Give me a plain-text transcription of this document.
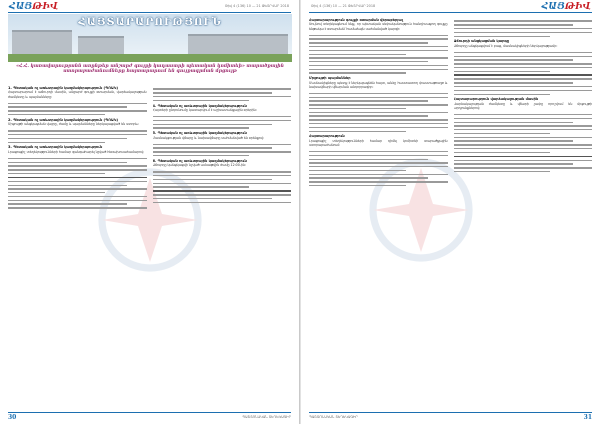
ՀԱՅԹԻՎ	Թիվ 4 (136) 10 — 21 ՓԵՏՐՎԱՐ 2018
ՀԱՅՏԱՐԱՐՈՒԹՅՈՒՆ
«Հ.Հ. կառավարությանն առընթեր անշարժ գույքի կադաստրի պետական կոմիտեի» տարածքային ստորաբաժանումները հայտարարում են գույքագրման մրցույթ
1. Պետական ոչ առևտրային կազմակերպություն (ՊՈԱԿ)

Հայտարարում է աճուրդի մասին, անշարժ գույքի օտարման, վարձակալության ժամկետը և պայմանները։

2. Պետական ոչ առևտրային կազմակերպություն (ՊՈԱԿ)

Մրցույթի անցկացման վայրը, ժամը և պայմանները ներկայացված են ստորև։

3. Պետական ոչ առևտրային կազմակերպություն

Լրացուցիչ տեղեկությունների համար զանգահարել նշված հեռախոսահամարով։

4. Պետական ոչ առևտրային կազմակերպություն

Հայտերի ընդունումը կատարվում է աշխատանքային օրերին։

5. Պետական ոչ առևտրային կազմակերպություն

Մասնակցության վճարը և նախավճարը սահմանված են օրենքով։

6. Պետական ոչ առևտրային կազմակերպություն

Աճուրդը կանցկացվի նշված ամսաթվին ժամը 12:00-ին։

30	ՊԱՇՏՈՆԱԿԱՆ ՏԵՂԵԿԱԳԻՐ
Թիվ 4 (136) 10 — 21 ՓԵՏՐՎԱՐ 2018	ՀԱՅԹԻՎ
Հայտարարություն գույքի օտարման վերաբերյալ

Սույնով տեղեկացնում ենք, որ պետական սեփականություն հանդիսացող գույքը ենթակա է օտարման՝ համաձայն սահմանված կարգի։

Մրցույթի պայմաններ

Մասնակիցները պետք է ներկայացնեն հայտ, անձը հաստատող փաստաթուղթ և նախավճարի վճարման անդորրագիր։

Հայտարարություն

Լրացուցիչ տեղեկությունների համար դիմել կոմիտեի տարածքային ստորաբաժանում։

Աճուրդի անցկացման կարգը

Աճուրդը անցկացվում է բաց, մասնակիցների ներկայությամբ։

Հայտարարություն վարձակալության մասին

Վարձակալության ժամկետը և վճարի չափը որոշվում են մրցույթի արդյունքներով։

31
ՊԱՇՏՈՆԱԿԱՆ ՏԵՂԵԿԱԳԻՐ
